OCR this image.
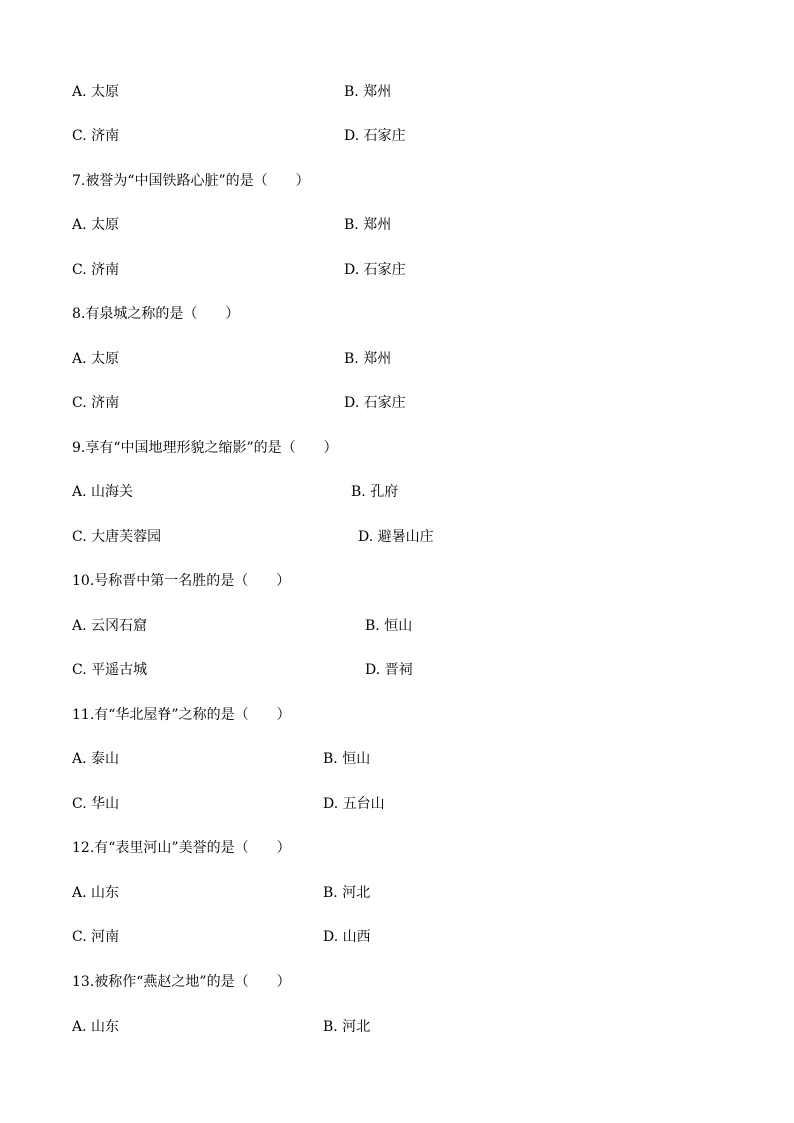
A. 太原	B. 郑州
C. 济南	D. 石家庄
7.被誉为“中国铁路心脏”的是（　　）
A. 太原	B. 郑州
C. 济南	D. 石家庄
8.有泉城之称的是（　　）
A. 太原	B. 郑州
C. 济南	D. 石家庄
9.享有“中国地理形貌之缩影”的是（　　）
A. 山海关	B. 孔府
C. 大唐芙蓉园	D. 避暑山庄
10.号称晋中第一名胜的是（　　）
A. 云冈石窟	B. 恒山
C. 平遥古城	D. 晋祠
11.有“华北屋脊”之称的是（　　）
A. 泰山	B. 恒山
C. 华山	D. 五台山
12.有“表里河山”美誉的是（　　）
A. 山东	B. 河北
C. 河南	D. 山西
13.被称作“燕赵之地”的是（　　）
A. 山东	B. 河北
